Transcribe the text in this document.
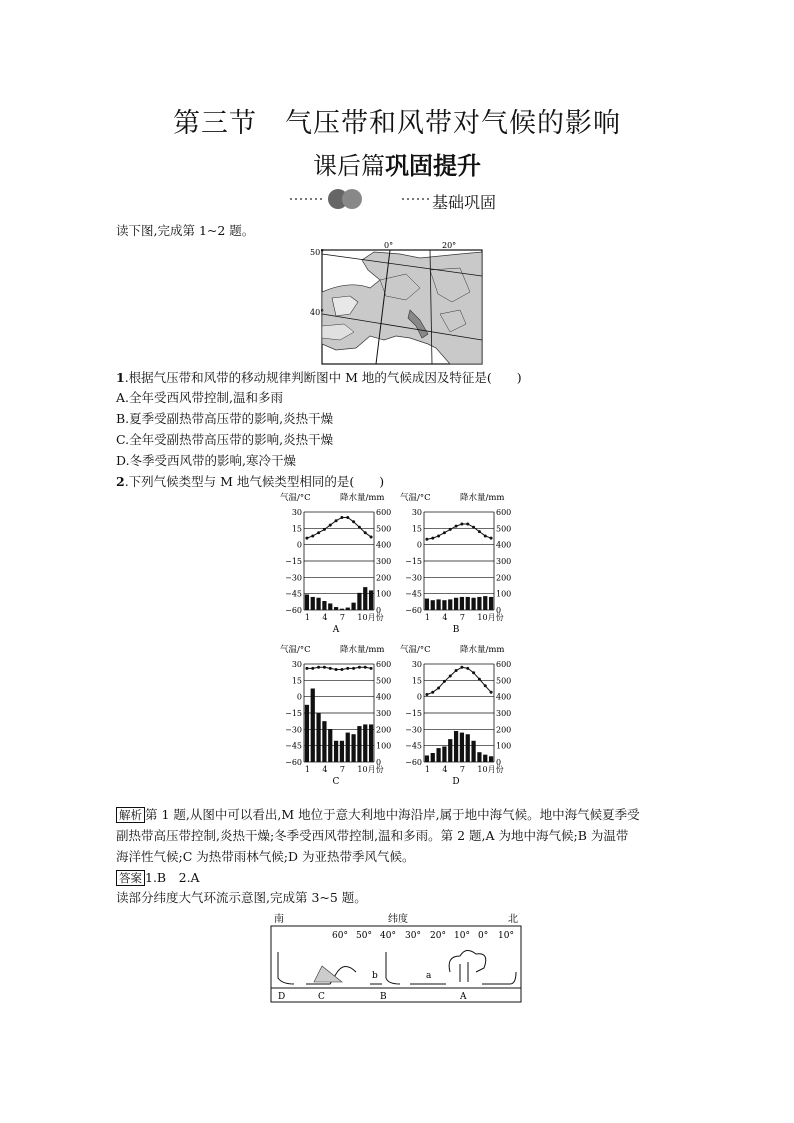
第三节　气压带和风带对气候的影响
课后篇巩固提升
基础巩固
读下图,完成第 1~2 题。
50°
40°
0°	20°
1.根据气压带和风带的移动规律判断图中 M 地的气候成因及特征是(　　)
A.全年受西风带控制,温和多雨
B.夏季受副热带高压带的影响,炎热干燥
C.全年受副热带高压带的影响,炎热干燥
D.冬季受西风带的影响,寒冷干燥
2.下列气候类型与 M 地气候类型相同的是(　　)
气温/°C	降水量/mm
30	600
15	500
0	400
−15	300
−30	200
−45	100
−60	0
1 4 7 10月份
A
气温/°C	降水量/mm
30	600
15	500
0	400
−15	300
−30	200
−45	100
−60	0
1 4 7 10月份
B
气温/°C	降水量/mm
30	600
15	500
0	400
−15	300
−30	200
−45	100
−60	0
1 4 7 10月份
C
气温/°C	降水量/mm
30	600
15	500
0	400
−15	300
−30	200
−45	100
−60	0
1 4 7 10月份
D
解析 第 1 题,从图中可以看出,M 地位于意大利地中海沿岸,属于地中海气候。地中海气候夏季受
副热带高压带控制,炎热干燥;冬季受西风带控制,温和多雨。第 2 题,A 为地中海气候;B 为温带
海洋性气候;C 为热带雨林气候;D 为亚热带季风气候。
答案 1.B　2.A
读部分纬度大气环流示意图,完成第 3~5 题。
南	纬度	北
60° 50° 40° 30° 20° 10° 0° 10°
b	a
D	C	B	A
